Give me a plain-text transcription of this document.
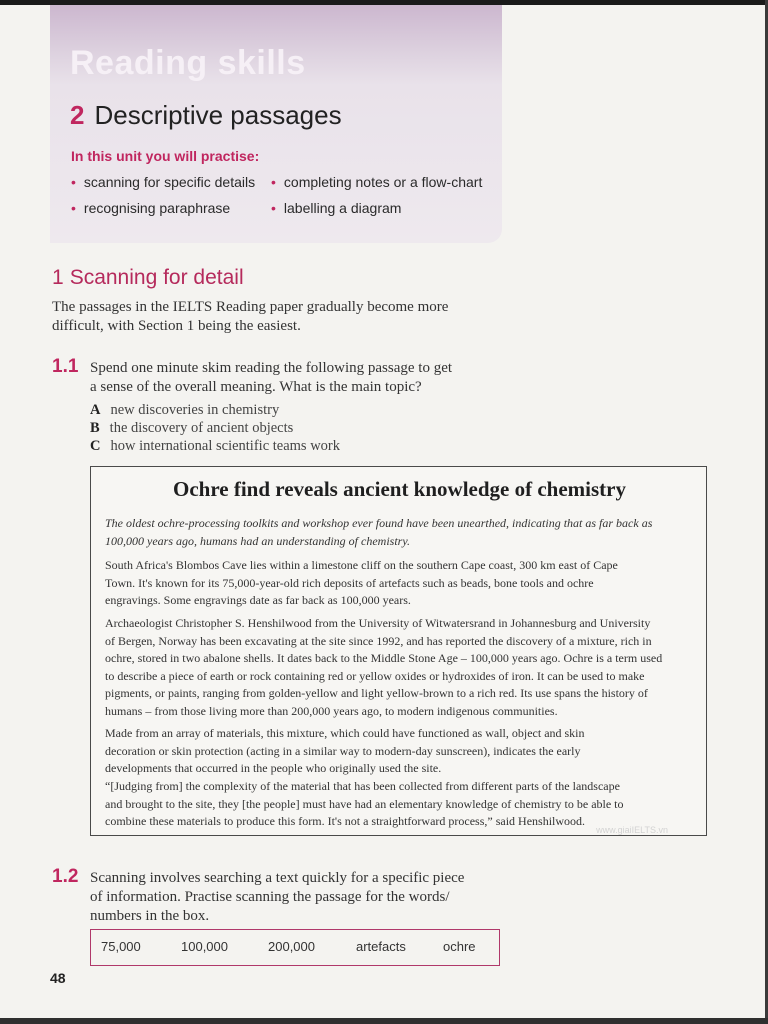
Reading skills
2 Descriptive passages
In this unit you will practise:
• scanning for specific details • completing notes or a flow-chart
• recognising paraphrase	• labelling a diagram
1 Scanning for detail
The passages in the IELTS Reading paper gradually become more
difficult, with Section 1 being the easiest.
1.1 Spend one minute skim reading the following passage to get
a sense of the overall meaning. What is the main topic?
A new discoveries in chemistry
B the discovery of ancient objects
C how international scientific teams work
Ochre find reveals ancient knowledge of chemistry
The oldest ochre-processing toolkits and workshop ever found have been unearthed, indicating that as far back as
100,000 years ago, humans had an understanding of chemistry.
South Africa's Blombos Cave lies within a limestone cliff on the southern Cape coast, 300 km east of Cape
Town. It's known for its 75,000-year-old rich deposits of artefacts such as beads, bone tools and ochre
engravings. Some engravings date as far back as 100,000 years.
Archaeologist Christopher S. Henshilwood from the University of Witwatersrand in Johannesburg and University
of Bergen, Norway has been excavating at the site since 1992, and has reported the discovery of a mixture, rich in
ochre, stored in two abalone shells. It dates back to the Middle Stone Age – 100,000 years ago. Ochre is a term used
to describe a piece of earth or rock containing red or yellow oxides or hydroxides of iron. It can be used to make
pigments, or paints, ranging from golden-yellow and light yellow-brown to a rich red. Its use spans the history of
humans – from those living more than 200,000 years ago, to modern indigenous communities.
Made from an array of materials, this mixture, which could have functioned as wall, object and skin
decoration or skin protection (acting in a similar way to modern-day sunscreen), indicates the early
developments that occurred in the people who originally used the site.
“[Judging from] the complexity of the material that has been collected from different parts of the landscape
and brought to the site, they [the people] must have had an elementary knowledge of chemistry to be able to
combine these materials to produce this form. It's not a straightforward process,” said Henshilwood.
www.giaiIELTS.vn
1.2 Scanning involves searching a text quickly for a specific piece
of information. Practise scanning the passage for the words/
numbers in the box.
75,000	100,000	200,000	artefacts	ochre
48
